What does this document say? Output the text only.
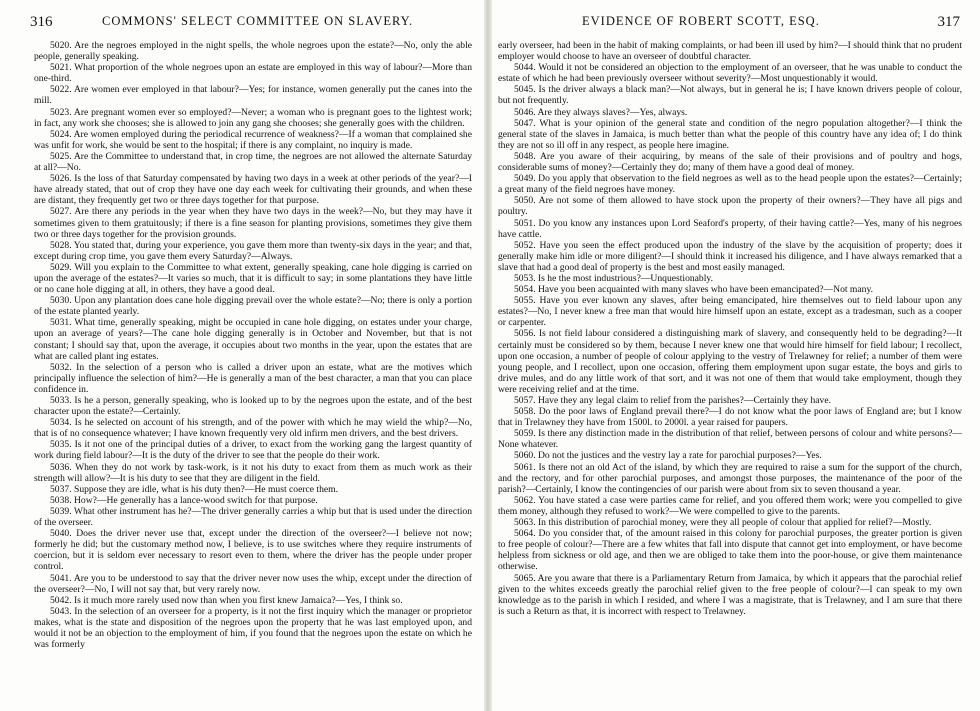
316	COMMONS' SELECT COMMITTEE ON SLAVERY.

5020. Are the negroes employed in the night spells, the whole negroes upon the estate?—No, only the able people, generally speaking.

5021. What proportion of the whole negroes upon an estate are employed in this way of labour?—More than one-third.

5022. Are women ever employed in that labour?—Yes; for instance, women generally put the canes into the mill.

5023. Are pregnant women ever so employed?—Never; a woman who is pregnant goes to the lightest work; in fact, any work she chooses; she is allowed to join any gang she chooses; she generally goes with the children.

5024. Are women employed during the periodical recurrence of weakness?—If a woman that complained she was unfit for work, she would be sent to the hospital; if there is any complaint, no inquiry is made.

5025. Are the Committee to understand that, in crop time, the negroes are not allowed the alternate Saturday at all?—No.

5026. Is the loss of that Saturday compensated by having two days in a week at other periods of the year?—I have already stated, that out of crop they have one day each week for cultivating their grounds, and when these are distant, they frequently get two or three days together for that purpose.

5027. Are there any periods in the year when they have two days in the week?—No, but they may have it sometimes given to them gratuitously; if there is a fine season for planting provisions, sometimes they give them two or three days together for the provision grounds.

5028. You stated that, during your experience, you gave them more than twenty-six days in the year; and that, except during crop time, you gave them every Saturday?—Always.

5029. Will you explain to the Committee to what extent, generally speaking, cane hole digging is carried on upon the average of the estates?—It varies so much, that it is difficult to say; in some plantations they have little or no cane hole digging at all, in others, they have a good deal.

5030. Upon any plantation does cane hole digging prevail over the whole estate?—No; there is only a portion of the estate planted yearly.

5031. What time, generally speaking, might be occupied in cane hole digging, on estates under your charge, upon an average of years?—The cane hole digging generally is in October and November, but that is not constant; I should say that, upon the average, it occupies about two months in the year, upon the estates that are what are called plant ing estates.

5032. In the selection of a person who is called a driver upon an estate, what are the motives which principally influence the selection of him?—He is generally a man of the best character, a man that you can place confidence in.

5033. Is he a person, generally speaking, who is looked up to by the negroes upon the estate, and of the best character upon the estate?—Certainly.

5034. Is he selected on account of his strength, and of the power with which he may wield the whip?—No, that is of no consequence whatever; I have known frequently very old infirm men drivers, and the best drivers.

5035. Is it not one of the principal duties of a driver, to exact from the working gang the largest quantity of work during field labour?—It is the duty of the driver to see that the people do their work.

5036. When they do not work by task-work, is it not his duty to exact from them as much work as their strength will allow?—It is his duty to see that they are diligent in the field.

5037. Suppose they are idle, what is his duty then?—He must coerce them.

5038. How?—He generally has a lance-wood switch for that purpose.

5039. What other instrument has he?—The driver generally carries a whip but that is used under the direction of the overseer.

5040. Does the driver never use that, except under the direction of the overseer?—I believe not now; formerly he did; but the customary method now, I believe, is to use switches where they require instruments of coercion, but it is seldom ever necessary to resort even to them, where the driver has the people under proper control.

5041. Are you to be understood to say that the driver never now uses the whip, except under the direction of the overseer?—No, I will not say that, but very rarely now.

5042. Is it much more rarely used now than when you first knew Jamaica?—Yes, I think so.

5043. In the selection of an overseer for a property, is it not the first inquiry which the manager or proprietor makes, what is the state and disposition of the negroes upon the property that he was last employed upon, and would it not be an objection to the employment of him, if you found that the negroes upon the estate on which he was formerly

EVIDENCE OF ROBERT SCOTT, ESQ.	317

early overseer, had been in the habit of making complaints, or had been ill used by him?—I should think that no prudent employer would choose to have an overseer of doubtful character.

5044. Would it not be considered an objection to the employment of an overseer, that he was unable to conduct the estate of which he had been previously overseer without severity?—Most unquestionably it would.

5045. Is the driver always a black man?—Not always, but in general he is; I have known drivers people of colour, but not frequently.

5046. Are they always slaves?—Yes, always.

5047. What is your opinion of the general state and condition of the negro population altogether?—I think the general state of the slaves in Jamaica, is much better than what the people of this country have any idea of; I do think they are not so ill off in any respect, as people here imagine.

5048. Are you aware of their acquiring, by means of the sale of their provisions and of poultry and hogs, considerable sums of money?—Certainly they do; many of them have a good deal of money.

5049. Do you apply that observation to the field negroes as well as to the head people upon the estates?—Certainly; a great many of the field negroes have money.

5050. Are not some of them allowed to have stock upon the property of their owners?—They have all pigs and poultry.

5051. Do you know any instances upon Lord Seaford's property, of their having cattle?—Yes, many of his negroes have cattle.

5052. Have you seen the effect produced upon the industry of the slave by the acquisition of property; does it generally make him idle or more diligent?—I should think it increased his diligence, and I have always remarked that a slave that had a good deal of property is the best and most easily managed.

5053. Is he the most industrious?—Unquestionably.

5054. Have you been acquainted with many slaves who have been emancipated?—Not many.

5055. Have you ever known any slaves, after being emancipated, hire themselves out to field labour upon any estates?—No, I never knew a free man that would hire himself upon an estate, except as a tradesman, such as a cooper or carpenter.

5056. Is not field labour considered a distinguishing mark of slavery, and consequently held to be degrading?—It certainly must be considered so by them, because I never knew one that would hire himself for field labour; I recollect, upon one occasion, a number of people of colour applying to the vestry of Trelawney for relief; a number of them were young people, and I recollect, upon one occasion, offering them employment upon sugar estate, the boys and girls to drive mules, and do any little work of that sort, and it was not one of them that would take employment, though they were receiving relief and at the time.

5057. Have they any legal claim to relief from the parishes?—Certainly they have.

5058. Do the poor laws of England prevail there?—I do not know what the poor laws of England are; but I know that in Trelawney they have from 1500l. to 2000l. a year raised for paupers.

5059. Is there any distinction made in the distribution of that relief, between persons of colour and white persons?—None whatever.

5060. Do not the justices and the vestry lay a rate for parochial purposes?—Yes.

5061. Is there not an old Act of the island, by which they are required to raise a sum for the support of the church, and the rectory, and for other parochial purposes, and amongst those purposes, the maintenance of the poor of the parish?—Certainly, I know the contingencies of our parish were about from six to seven thousand a year.

5062. You have stated a case were parties came for relief, and you offered them work; were you compelled to give them money, although they refused to work?—We were compelled to give to the parents.

5063. In this distribution of parochial money, were they all people of colour that applied for relief?—Mostly.

5064. Do you consider that, of the amount raised in this colony for parochial purposes, the greater portion is given to free people of colour?—There are a few whites that fall into dispute that cannot get into employment, or have become helpless from sickness or old age, and then we are obliged to take them into the poor-house, or give them maintenance otherwise.

5065. Are you aware that there is a Parliamentary Return from Jamaica, by which it appears that the parochial relief given to the whites exceeds greatly the parochial relief given to the free people of colour?—I can speak to my own knowledge as to the parish in which I resided, and where I was a magistrate, that is Trelawney, and I am sure that there is such a Return as that, it is incorrect with respect to Trelawney.
